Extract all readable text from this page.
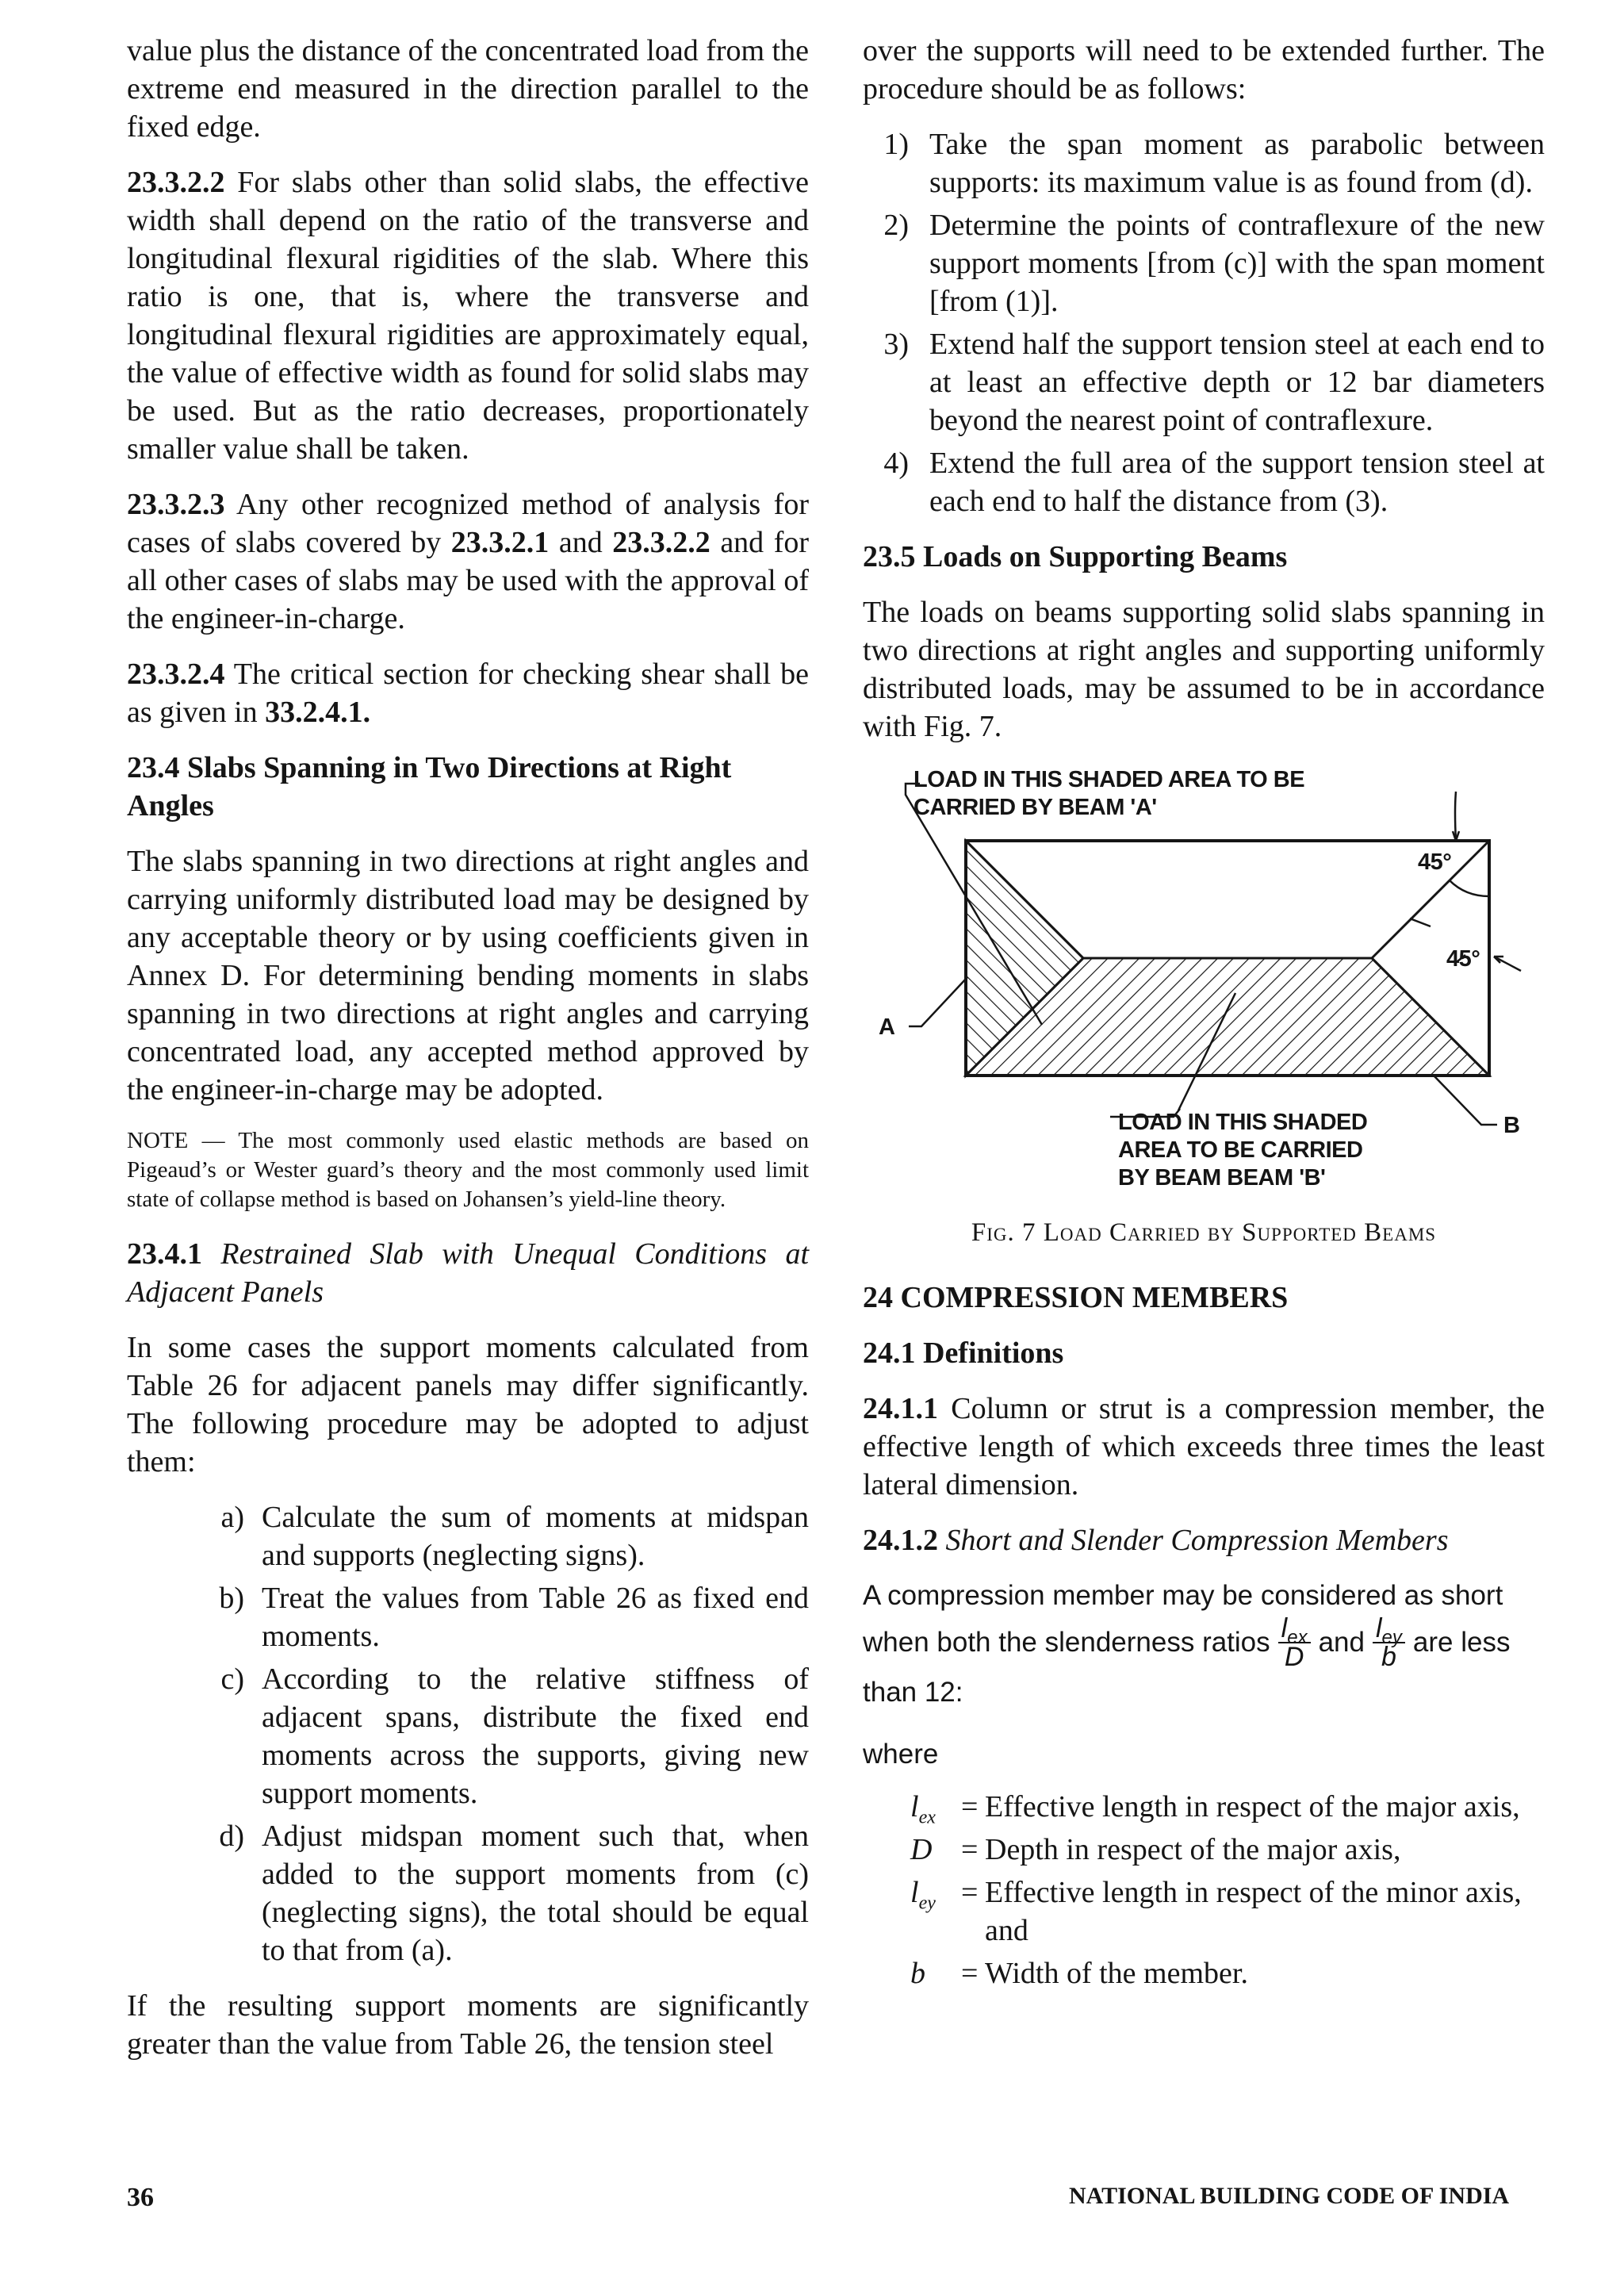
value plus the distance of the concentrated load from the extreme end measured in the direction parallel to the fixed edge.

23.3.2.2 For slabs other than solid slabs, the effective width shall depend on the ratio of the transverse and longitudinal flexural rigidities of the slab. Where this ratio is one, that is, where the transverse and longitudinal flexural rigidities are approximately equal, the value of effective width as found for solid slabs may be used. But as the ratio decreases, proportionately smaller value shall be taken.

23.3.2.3 Any other recognized method of analysis for cases of slabs covered by 23.3.2.1 and 23.3.2.2 and for all other cases of slabs may be used with the approval of the engineer-in-charge.

23.3.2.4 The critical section for checking shear shall be as given in 33.2.4.1.

23.4 Slabs Spanning in Two Directions at Right Angles

The slabs spanning in two directions at right angles and carrying uniformly distributed load may be designed by any acceptable theory or by using coefficients given in Annex D. For determining bending moments in slabs spanning in two directions at right angles and carrying concentrated load, any accepted method approved by the engineer-in-charge may be adopted.

NOTE — The most commonly used elastic methods are based on Pigeaud’s or Wester guard’s theory and the most commonly used limit state of collapse method is based on Johansen’s yield-line theory.

23.4.1 Restrained Slab with Unequal Conditions at Adjacent Panels

In some cases the support moments calculated from Table 26 for adjacent panels may differ significantly. The following procedure may be adopted to adjust them:

a) Calculate the sum of moments at midspan and supports (neglecting signs).
b) Treat the values from Table 26 as fixed end moments.
c) According to the relative stiffness of adjacent spans, distribute the fixed end moments across the supports, giving new support moments.
d) Adjust midspan moment such that, when added to the support moments from (c) (neglecting signs), the total should be equal to that from (a).

If the resulting support moments are significantly greater than the value from Table 26, the tension steel

over the supports will need to be extended further. The procedure should be as follows:

1) Take the span moment as parabolic between supports: its maximum value is as found from (d).
2) Determine the points of contraflexure of the new support moments [from (c)] with the span moment [from (1)].
3) Extend half the support tension steel at each end to at least an effective depth or 12 bar diameters beyond the nearest point of contraflexure.
4) Extend the full area of the support tension steel at each end to half the distance from (3).
23.5 Loads on Supporting Beams

The loads on beams supporting solid slabs spanning in two directions at right angles and supporting uniformly distributed loads, may be assumed to be in accordance with Fig. 7.

LOAD IN THIS SHADED AREA TO BE
CARRIED BY BEAM 'A'
45°
45°
A
B
LOAD IN THIS SHADED
AREA TO BE CARRIED
BY BEAM BEAM 'B'
Fig. 7 Load Carried by Supported Beams
24 COMPRESSION MEMBERS
24.1 Definitions

24.1.1 Column or strut is a compression member, the effective length of which exceeds three times the least lateral dimension.

24.1.2 Short and Slender Compression Members

A compression member may be considered as short

when both the slenderness ratios $\frac{l_{ex}}{D}$ and $\frac{l_{ey}}{b}$ are less

than 12:

where

$l_{ex}$ = Effective length in respect of the major axis,
D = Depth in respect of the major axis,
$l_{ey}$ = Effective length in respect of the minor axis, and
b	= Width of the member.
36	NATIONAL BUILDING CODE OF INDIA
